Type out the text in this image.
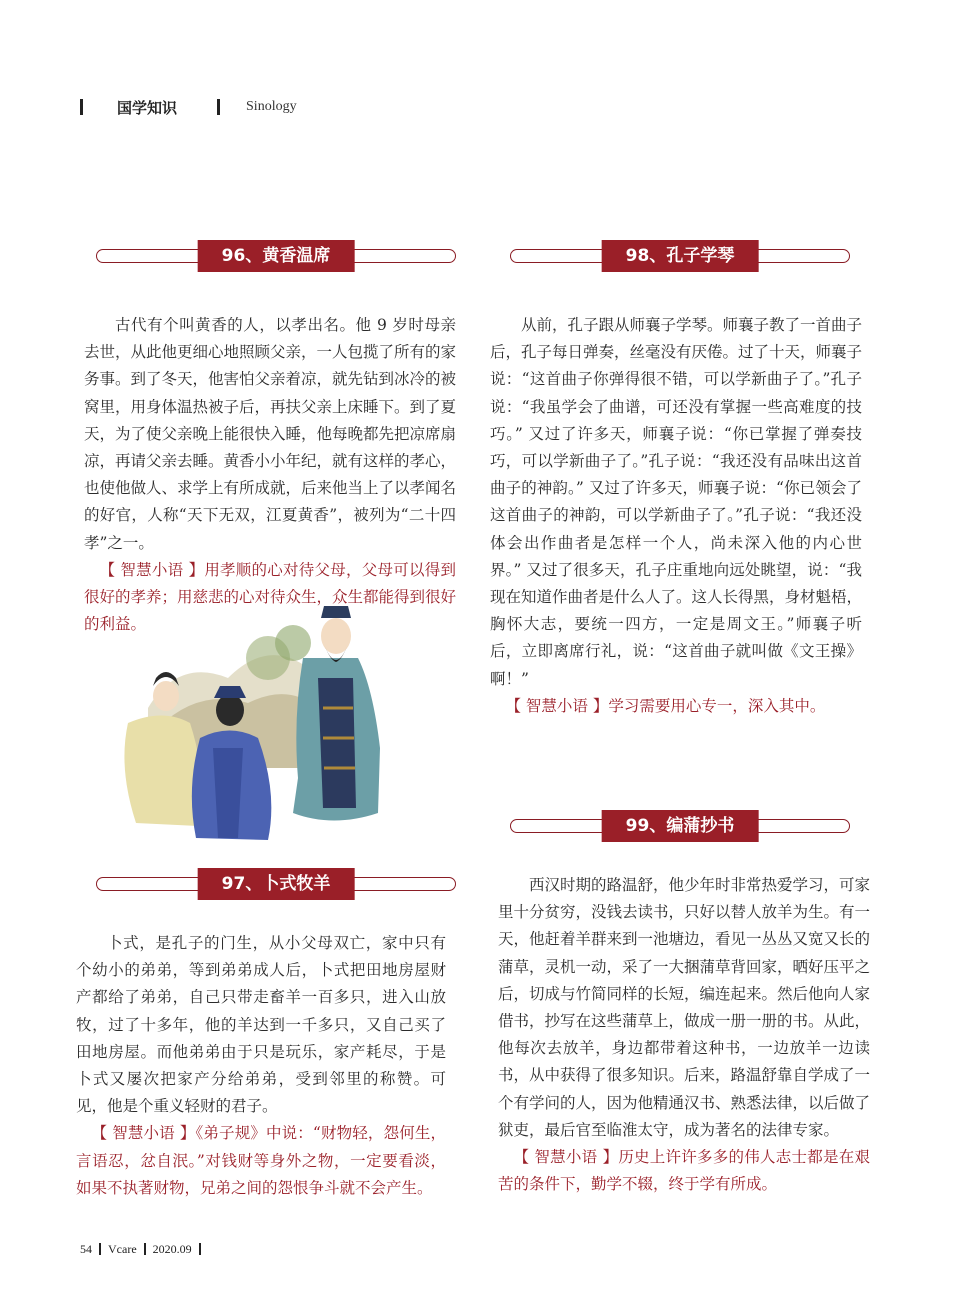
国学知识	Sinology
96、黄香温席

古代有个叫黄香的人，以孝出名。他 9 岁时母亲去世，从此他更细心地照顾父亲，一人包揽了所有的家务事。到了冬天，他害怕父亲着凉，就先钻到冰冷的被窝里，用身体温热被子后，再扶父亲上床睡下。到了夏天，为了使父亲晚上能很快入睡，他每晚都先把凉席扇凉，再请父亲去睡。黄香小小年纪，就有这样的孝心，也使他做人、求学上有所成就，后来他当上了以孝闻名的好官，人称“天下无双，江夏黄香”，被列为“二十四孝”之一。

【 智慧小语 】用孝顺的心对待父母，父母可以得到很好的孝养；用慈悲的心对待众生，众生都能得到很好的利益。

97、卜式牧羊

卜式，是孔子的门生，从小父母双亡，家中只有个幼小的弟弟，等到弟弟成人后，卜式把田地房屋财产都给了弟弟，自己只带走畜羊一百多只，进入山放牧，过了十多年，他的羊达到一千多只，又自己买了田地房屋。而他弟弟由于只是玩乐，家产耗尽，于是卜式又屡次把家产分给弟弟，受到邻里的称赞。可见，他是个重义轻财的君子。

【 智慧小语 】《弟子规》中说：“财物轻，怨何生，言语忍，忿自泯。”对钱财等身外之物，一定要看淡，如果不执著财物，兄弟之间的怨恨争斗就不会产生。

98、孔子学琴

从前，孔子跟从师襄子学琴。师襄子教了一首曲子后，孔子每日弹奏，丝毫没有厌倦。过了十天，师襄子说：“这首曲子你弹得很不错，可以学新曲子了。”孔子说：“我虽学会了曲谱，可还没有掌握一些高难度的技巧。” 又过了许多天，师襄子说：“你已掌握了弹奏技巧，可以学新曲子了。”孔子说：“我还没有品味出这首曲子的神韵。” 又过了许多天，师襄子说：“你已领会了这首曲子的神韵，可以学新曲子了。”孔子说：“我还没体会出作曲者是怎样一个人，尚未深入他的内心世界。” 又过了很多天，孔子庄重地向远处眺望，说：“我现在知道作曲者是什么人了。这人长得黑，身材魁梧，胸怀大志，要统一四方，一定是周文王。”师襄子听后，立即离席行礼，说：“这首曲子就叫做《文王操》啊！”

【 智慧小语 】学习需要用心专一，深入其中。

99、编蒲抄书

西汉时期的路温舒，他少年时非常热爱学习，可家里十分贫穷，没钱去读书，只好以替人放羊为生。有一天，他赶着羊群来到一池塘边，看见一丛丛又宽又长的蒲草，灵机一动，采了一大捆蒲草背回家，晒好压平之后，切成与竹简同样的长短，编连起来。然后他向人家借书，抄写在这些蒲草上，做成一册一册的书。从此，他每次去放羊，身边都带着这种书，一边放羊一边读书，从中获得了很多知识。后来，路温舒靠自学成了一个有学问的人，因为他精通汉书、熟悉法律，以后做了狱吏，最后官至临淮太守，成为著名的法律专家。

【 智慧小语 】历史上许许多多的伟人志士都是在艰苦的条件下，勤学不辍，终于学有所成。

54 Vcare 2020.09
